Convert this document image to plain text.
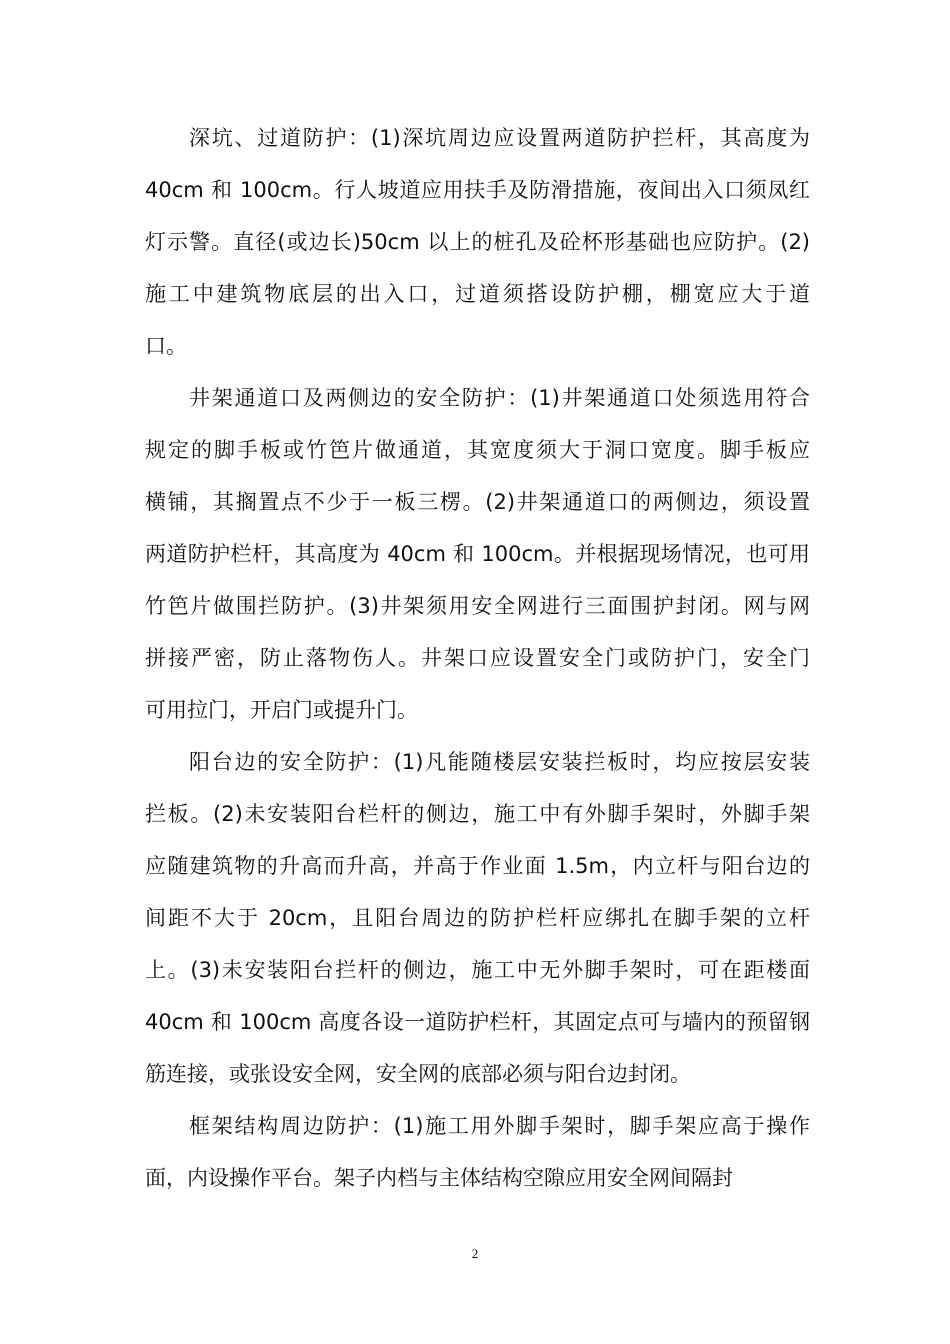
深坑、过道防护：(1)深坑周边应设置两道防护拦杆，其高度为
40cm 和 100cm。行人坡道应用扶手及防滑措施，夜间出入口须凤红
灯示警。直径(或边长)50cm 以上的桩孔及砼杯形基础也应防护。(2)
施工中建筑物底层的出入口，过道须搭设防护棚，棚宽应大于道
口。
井架通道口及两侧边的安全防护：(1)井架通道口处须选用符合
规定的脚手板或竹笆片做通道，其宽度须大于洞口宽度。脚手板应
横铺，其搁置点不少于一板三楞。(2)井架通道口的两侧边，须设置
两道防护栏杆，其高度为 40cm 和 100cm。并根据现场情况，也可用
竹笆片做围拦防护。(3)井架须用安全网进行三面围护封闭。网与网
拼接严密，防止落物伤人。井架口应设置安全门或防护门，安全门
可用拉门，开启门或提升门。
阳台边的安全防护：(1)凡能随楼层安装拦板时，均应按层安装
拦板。(2)未安装阳台栏杆的侧边，施工中有外脚手架时，外脚手架
应随建筑物的升高而升高，并高于作业面 1.5m，内立杆与阳台边的
间距不大于 20cm，且阳台周边的防护栏杆应绑扎在脚手架的立杆
上。(3)未安装阳台拦杆的侧边，施工中无外脚手架时，可在距楼面
40cm 和 100cm 高度各设一道防护栏杆，其固定点可与墙内的预留钢
筋连接，或张设安全网，安全网的底部必须与阳台边封闭。
框架结构周边防护：(1)施工用外脚手架时，脚手架应高于操作
面，内设操作平台。架子内档与主体结构空隙应用安全网间隔封
2
